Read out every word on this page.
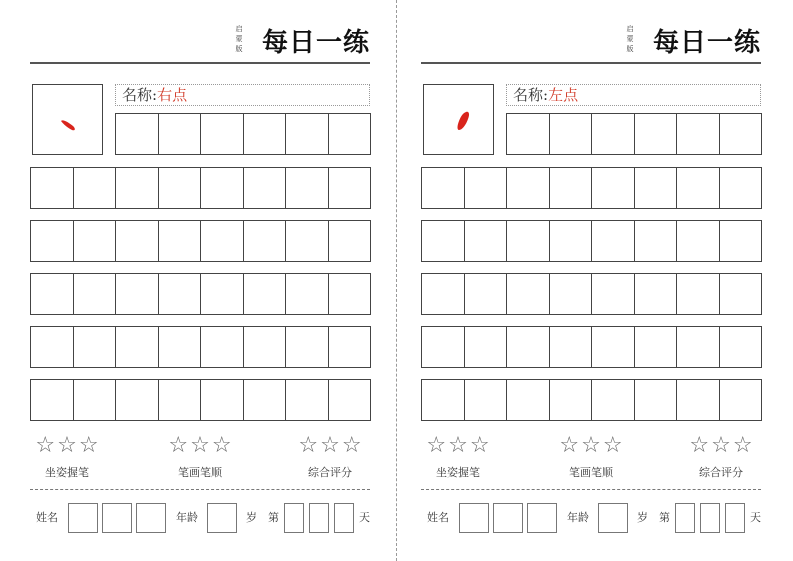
启
蒙
版 每日一练
名称:右点
☆ ☆ ☆
坐姿握笔
☆ ☆ ☆
笔画笔顺
☆ ☆ ☆
综合评分
姓名	年龄	岁 第	天
启
蒙
版 每日一练
名称:左点
☆ ☆ ☆
坐姿握笔
☆ ☆ ☆
笔画笔顺
☆ ☆ ☆
综合评分
姓名	年龄	岁 第	天
